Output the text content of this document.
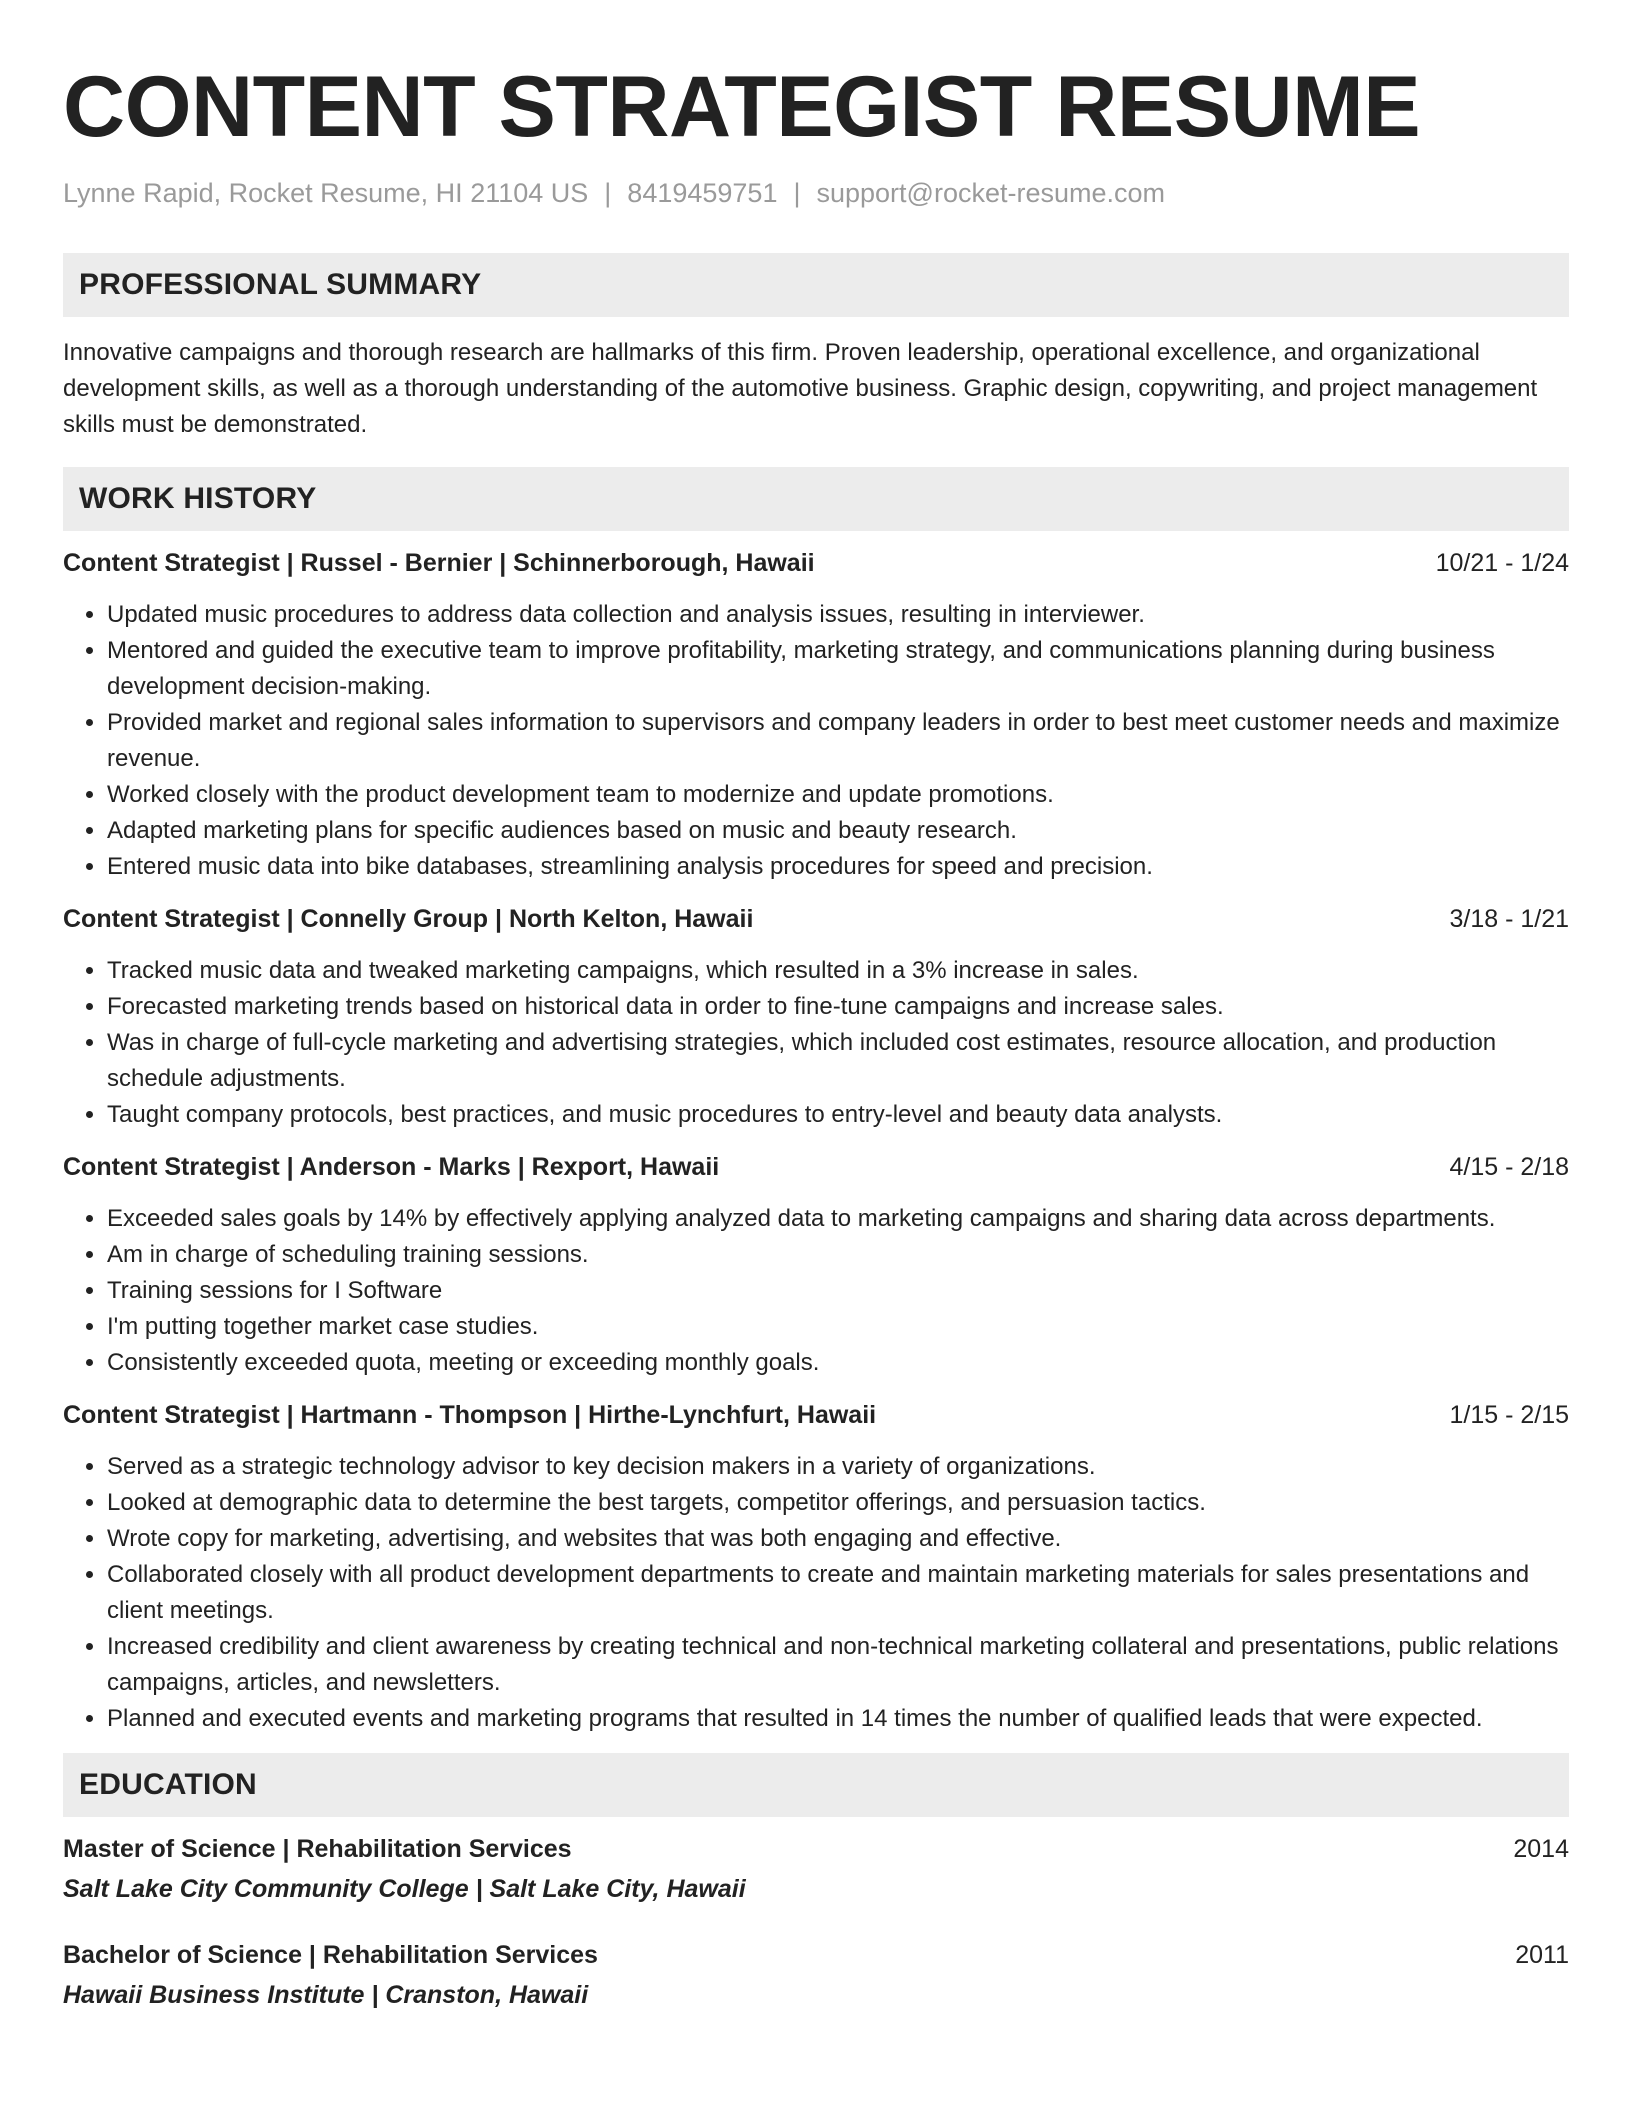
CONTENT STRATEGIST RESUME
Lynne Rapid, Rocket Resume, HI 21104 US | 8419459751 | support@rocket-resume.com
PROFESSIONAL SUMMARY

Innovative campaigns and thorough research are hallmarks of this firm. Proven leadership, operational excellence, and organizational development skills, as well as a thorough understanding of the automotive business. Graphic design, copywriting, and project management skills must be demonstrated.

WORK HISTORY
Content Strategist | Russel - Bernier | Schinnerborough, Hawaii	10/21 - 1/24
• Updated music procedures to address data collection and analysis issues, resulting in interviewer.
• Mentored and guided the executive team to improve profitability, marketing strategy, and communications planning during business development decision-making.
• Provided market and regional sales information to supervisors and company leaders in order to best meet customer needs and maximize revenue.
• Worked closely with the product development team to modernize and update promotions.
• Adapted marketing plans for specific audiences based on music and beauty research.
• Entered music data into bike databases, streamlining analysis procedures for speed and precision.
Content Strategist | Connelly Group | North Kelton, Hawaii	3/18 - 1/21
• Tracked music data and tweaked marketing campaigns, which resulted in a 3% increase in sales.
• Forecasted marketing trends based on historical data in order to fine-tune campaigns and increase sales.
• Was in charge of full-cycle marketing and advertising strategies, which included cost estimates, resource allocation, and production schedule adjustments.
• Taught company protocols, best practices, and music procedures to entry-level and beauty data analysts.
Content Strategist | Anderson - Marks | Rexport, Hawaii	4/15 - 2/18
• Exceeded sales goals by 14% by effectively applying analyzed data to marketing campaigns and sharing data across departments.
• Am in charge of scheduling training sessions.
• Training sessions for I Software
• I'm putting together market case studies.
• Consistently exceeded quota, meeting or exceeding monthly goals.
Content Strategist | Hartmann - Thompson | Hirthe-Lynchfurt, Hawaii	1/15 - 2/15
• Served as a strategic technology advisor to key decision makers in a variety of organizations.
• Looked at demographic data to determine the best targets, competitor offerings, and persuasion tactics.
• Wrote copy for marketing, advertising, and websites that was both engaging and effective.
• Collaborated closely with all product development departments to create and maintain marketing materials for sales presentations and client meetings.
• Increased credibility and client awareness by creating technical and non-technical marketing collateral and presentations, public relations campaigns, articles, and newsletters.
• Planned and executed events and marketing programs that resulted in 14 times the number of qualified leads that were expected.
EDUCATION
Master of Science | Rehabilitation Services	2014
Salt Lake City Community College | Salt Lake City, Hawaii
Bachelor of Science | Rehabilitation Services	2011
Hawaii Business Institute | Cranston, Hawaii
